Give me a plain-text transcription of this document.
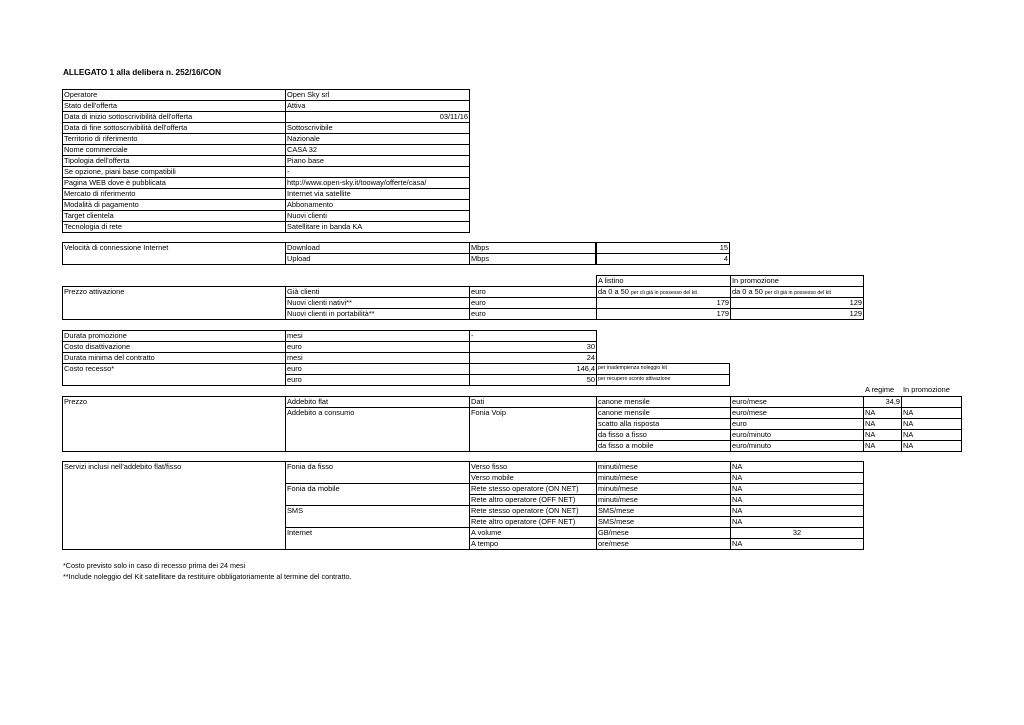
ALLEGATO 1 alla delibera n. 252/16/CON
Operatore	Open Sky srl
Stato dell'offerta	Attiva
Data di inizio sottoscrivibilità dell'offerta	03/11/16
Data di fine sottoscrivibilità dell'offerta	Sottoscrivibile
Territorio di riferimento	Nazionale
Nome commerciale	CASA 32
Tipologia dell'offerta	Piano base
Se opzione, piani base compatibili	-
Pagina WEB dove è pubblicata	http://www.open-sky.it/tooway/offerte/casa/
Mercato di riferimento	Internet via satellite
Modalità di pagamento	Abbonamento
Target clientela	Nuovi clienti
Tecnologia di rete	Satellitare in banda KA
Velocità di connessione Internet	Download	Mbps	15
Upload	Mbps	4
A listino	In promozione
Prezzo attivazione	Già clienti	euro	da 0 a 50 per cli già in possesso del kit	da 0 a 50 per cli già in possesso del kit
Nuovi clienti nativi**	euro	179	129
Nuovi clienti in portabilità**	euro	179	129
Durata promozione	mesi	-
Costo disattivazione	euro	30
Durata minima del contratto	mesi	24
Costo recesso*	euro	146,4 per inadempienza noleggio kit
euro	50 per recupero sconto attivazione
A regime In promozione
Prezzo	Addebito flat	Dati	canone mensile	euro/mese	34,9
Addebito a consumo	Fonia Voip	canone mensile	euro/mese	NA	NA
scatto alla risposta	euro	NA	NA
da fisso a fisso	euro/minuto	NA	NA
da fisso a mobile	euro/minuto	NA	NA
Servizi inclusi nell'addebito flat/fisso	Fonia da fisso	Verso fisso	minuti/mese	NA
Verso mobile	minuti/mese	NA
Fonia da mobile	Rete stesso operatore (ON NET)	minuti/mese	NA
Rete altro operatore (OFF NET)	minuti/mese	NA
SMS	Rete stesso operatore (ON NET)	SMS/mese	NA
Rete altro operatore (OFF NET)	SMS/mese	NA
Internet	A volume	GB/mese	32
A tempo	ore/mese	NA
*Costo previsto solo in caso di recesso prima dei 24 mesi
**Include noleggio del Kit satellitare da restituire obbligatoriamente al termine del contratto.
